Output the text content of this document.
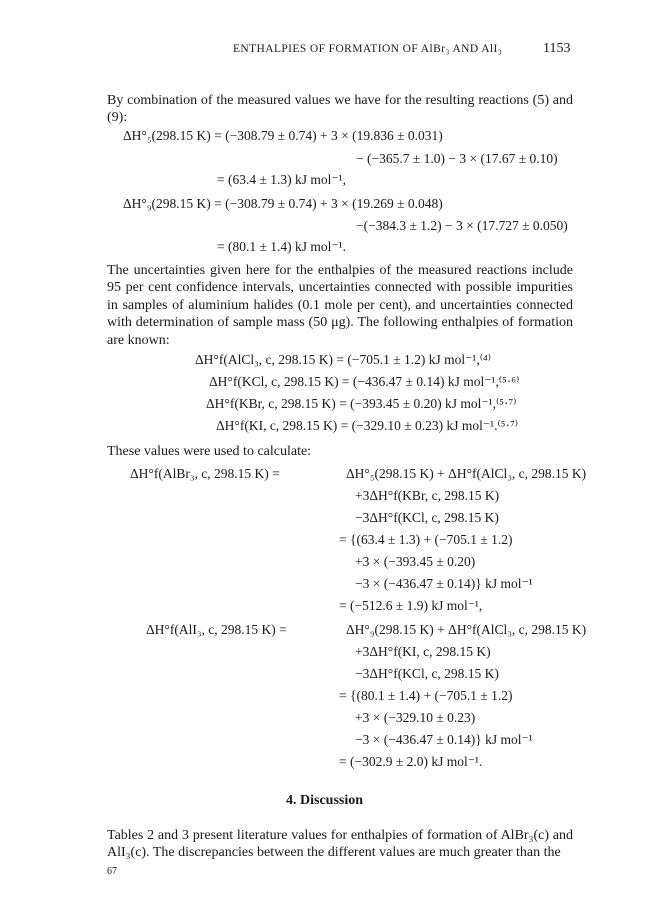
ENTHALPIES OF FORMATION OF AlBr₃ AND AlI₃	1153
By combination of the measured values we have for the resulting reactions (5) and (9):
ΔH°₅(298.15 K) = (−308.79 ± 0.74) + 3 × (19.836 ± 0.031)
− (−365.7 ± 1.0) − 3 × (17.67 ± 0.10)
= (63.4 ± 1.3) kJ mol⁻¹,
ΔH°₉(298.15 K) = (−308.79 ± 0.74) + 3 × (19.269 ± 0.048)
−(−384.3 ± 1.2) − 3 × (17.727 ± 0.050)
= (80.1 ± 1.4) kJ mol⁻¹.
The uncertainties given here for the enthalpies of the measured reactions include 95 per cent confidence intervals, uncertainties connected with possible impurities in samples of aluminium halides (0.1 mole per cent), and uncertainties connected with determination of sample mass (50 μg). The following enthalpies of formation are known:
ΔH°f(AlCl₃, c, 298.15 K) = (−705.1 ± 1.2) kJ mol⁻¹,⁽⁴⁾
ΔH°f(KCl, c, 298.15 K) = (−436.47 ± 0.14) kJ mol⁻¹,⁽⁵·⁶⁾
ΔH°f(KBr, c, 298.15 K) = (−393.45 ± 0.20) kJ mol⁻¹,⁽⁵·⁷⁾
ΔH°f(KI, c, 298.15 K) = (−329.10 ± 0.23) kJ mol⁻¹.⁽⁵·⁷⁾
These values were used to calculate:
ΔH°f(AlBr₃, c, 298.15 K) =	ΔH°₅(298.15 K) + ΔH°f(AlCl₃, c, 298.15 K)
+3ΔH°f(KBr, c, 298.15 K)
−3ΔH°f(KCl, c, 298.15 K)
= {(63.4 ± 1.3) + (−705.1 ± 1.2)
+3 × (−393.45 ± 0.20)
−3 × (−436.47 ± 0.14)} kJ mol⁻¹
= (−512.6 ± 1.9) kJ mol⁻¹,
ΔH°f(AlI₃, c, 298.15 K) =	ΔH°₉(298.15 K) + ΔH°f(AlCl₃, c, 298.15 K)
+3ΔH°f(KI, c, 298.15 K)
−3ΔH°f(KCl, c, 298.15 K)
= {(80.1 ± 1.4) + (−705.1 ± 1.2)
+3 × (−329.10 ± 0.23)
−3 × (−436.47 ± 0.14)} kJ mol⁻¹
= (−302.9 ± 2.0) kJ mol⁻¹.
4. Discussion
Tables 2 and 3 present literature values for enthalpies of formation of AlBr₃(c) and AlI₃(c). The discrepancies between the different values are much greater than the
67
